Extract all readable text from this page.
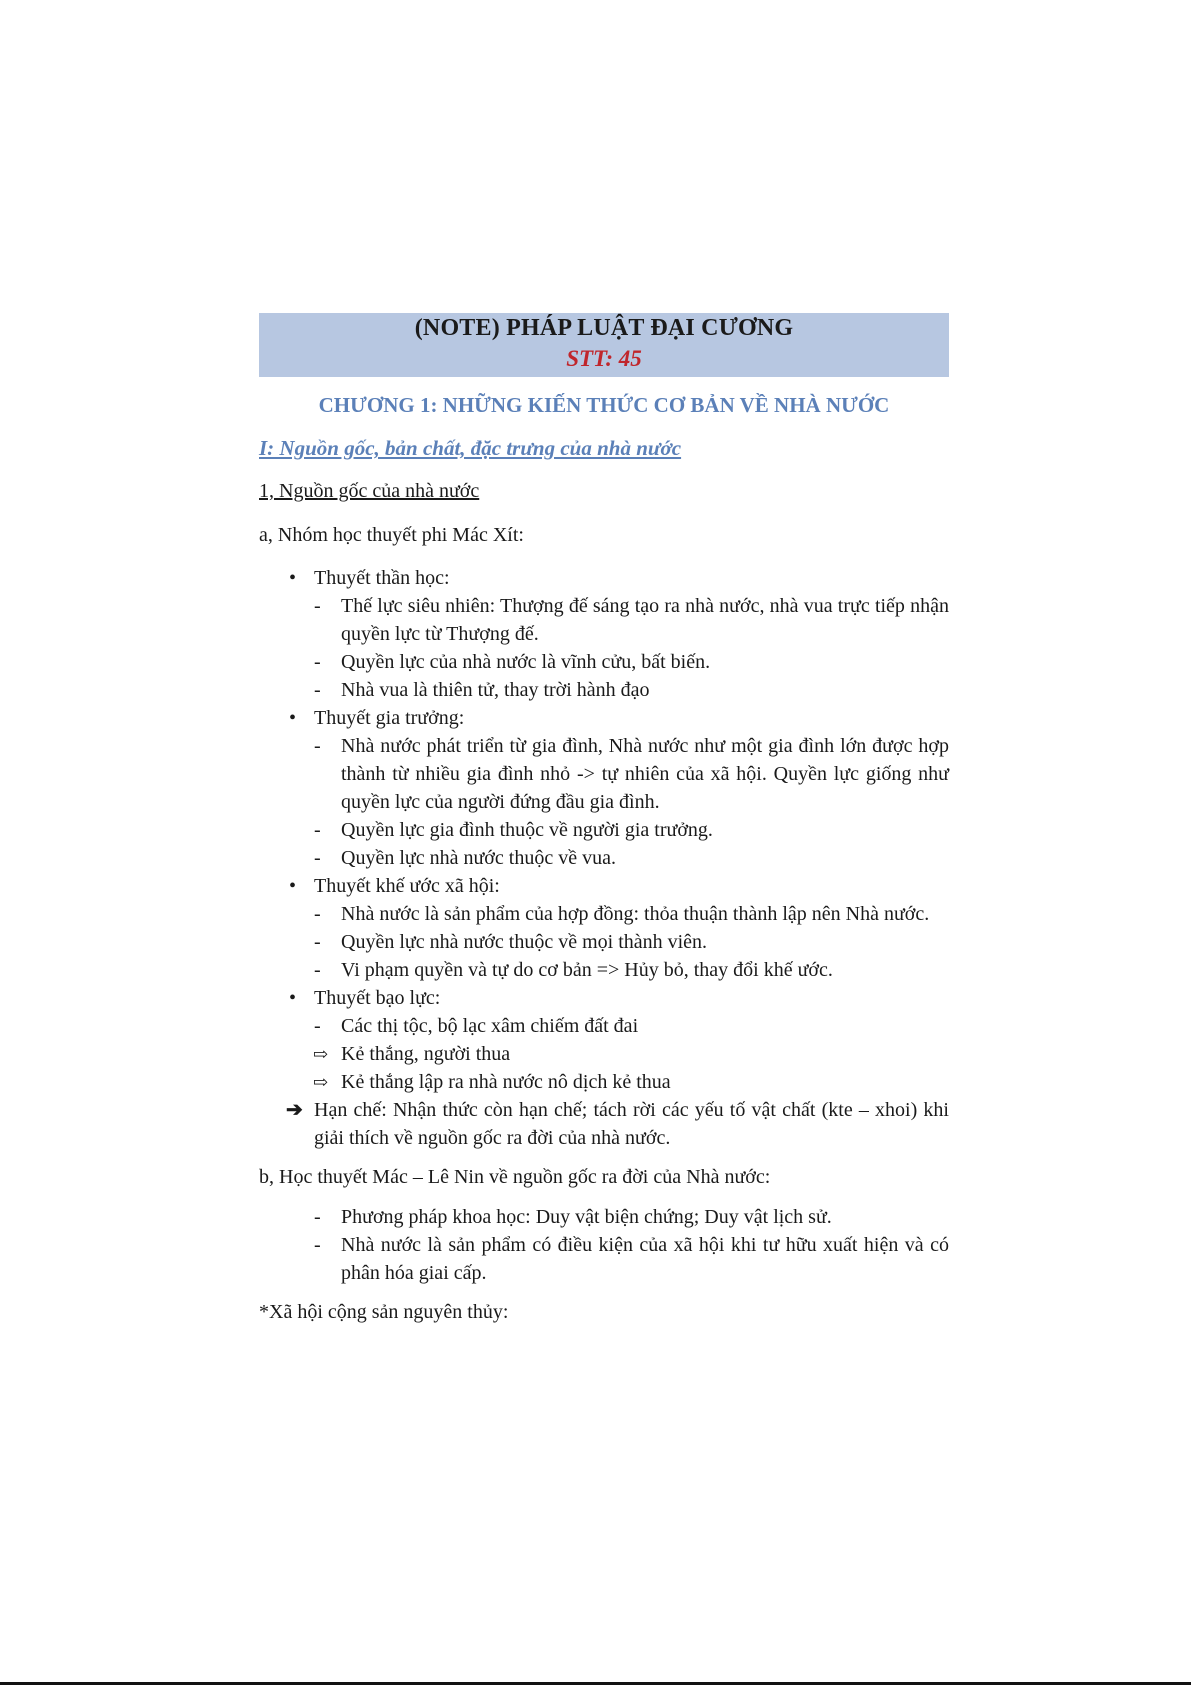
(NOTE) PHÁP LUẬT ĐẠI CƯƠNG
STT: 45
CHƯƠNG 1: NHỮNG KIẾN THỨC CƠ BẢN VỀ NHÀ NƯỚC
I: Nguồn gốc, bản chất, đặc trưng của nhà nước
1, Nguồn gốc của nhà nước
a, Nhóm học thuyết phi Mác Xít:
• Thuyết thần học:
- Thế lực siêu nhiên: Thượng đế sáng tạo ra nhà nước, nhà vua trực tiếp nhận quyền lực từ Thượng đế.
- Quyền lực của nhà nước là vĩnh cửu, bất biến.
- Nhà vua là thiên tử, thay trời hành đạo
• Thuyết gia trưởng:
- Nhà nước phát triển từ gia đình, Nhà nước như một gia đình lớn được hợp thành từ nhiều gia đình nhỏ -> tự nhiên của xã hội. Quyền lực giống như quyền lực của người đứng đầu gia đình.
- Quyền lực gia đình thuộc về người gia trưởng.
- Quyền lực nhà nước thuộc về vua.
• Thuyết khế ước xã hội:
- Nhà nước là sản phẩm của hợp đồng: thỏa thuận thành lập nên Nhà nước.
- Quyền lực nhà nước thuộc về mọi thành viên.
- Vi phạm quyền và tự do cơ bản => Hủy bỏ, thay đổi khế ước.
• Thuyết bạo lực:
- Các thị tộc, bộ lạc xâm chiếm đất đai
⇨ Kẻ thắng, người thua
⇨ Kẻ thắng lập ra nhà nước nô dịch kẻ thua
➔ Hạn chế: Nhận thức còn hạn chế; tách rời các yếu tố vật chất (kte – xhoi) khi giải thích về nguồn gốc ra đời của nhà nước.
b, Học thuyết Mác – Lê Nin về nguồn gốc ra đời của Nhà nước:
- Phương pháp khoa học: Duy vật biện chứng; Duy vật lịch sử.
- Nhà nước là sản phẩm có điều kiện của xã hội khi tư hữu xuất hiện và có phân hóa giai cấp.
*Xã hội cộng sản nguyên thủy:
